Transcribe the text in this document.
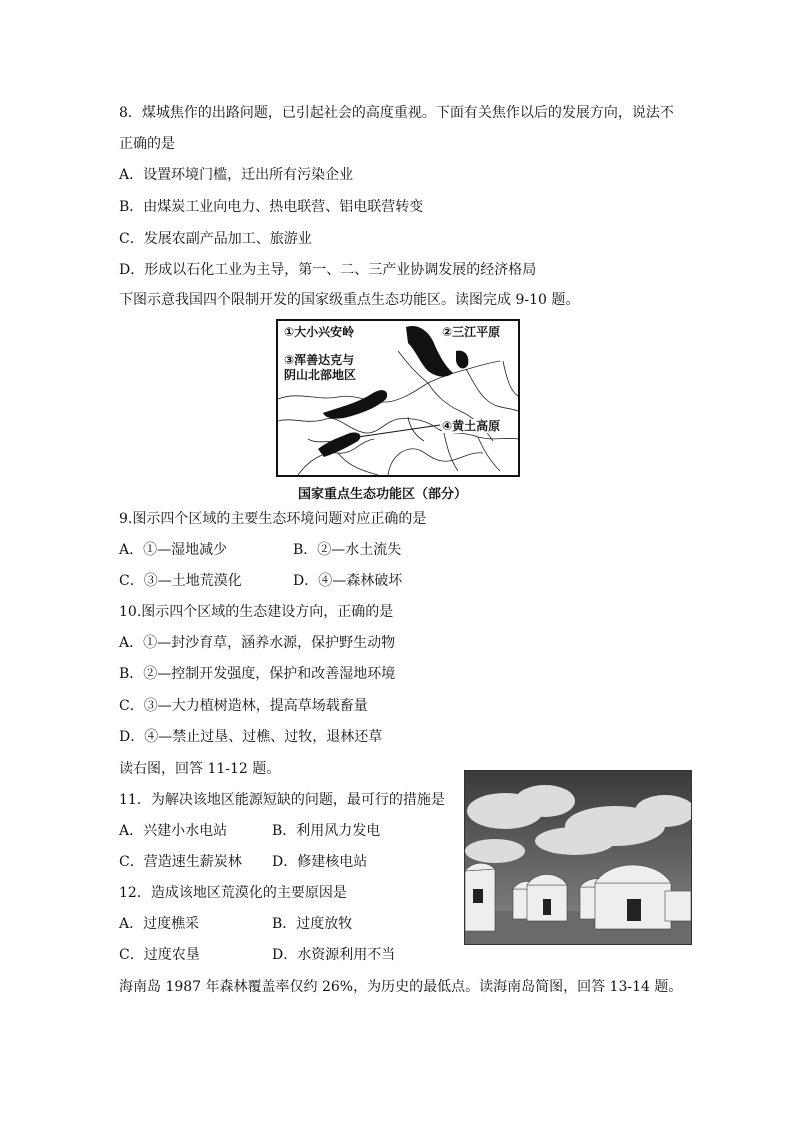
8．煤城焦作的出路问题，已引起社会的高度重视。下面有关焦作以后的发展方向，说法不
正确的是
A．设置环境门槛，迁出所有污染企业
B．由煤炭工业向电力、热电联营、铝电联营转变
C．发展农副产品加工、旅游业
D．形成以石化工业为主导，第一、二、三产业协调发展的经济格局
下图示意我国四个限制开发的国家级重点生态功能区。读图完成 9-10 题。
①大小兴安岭	②三江平原
③浑善达克与
阴山北部地区
④黄土高原
国家重点生态功能区（部分）
9.图示四个区域的主要生态环境问题对应正确的是
A．①—湿地减少	B．②—水土流失
C．③—土地荒漠化	D．④—森林破坏
10.图示四个区域的生态建设方向，正确的是
A．①—封沙育草，涵养水源，保护野生动物
B．②—控制开发强度，保护和改善湿地环境
C．③—大力植树造林，提高草场载畜量
D．④—禁止过垦、过樵、过牧，退林还草
读右图，回答 11-12 题。
11．为解决该地区能源短缺的问题，最可行的措施是
A．兴建小水电站	B．利用风力发电
C．营造速生薪炭林 D．修建核电站
12．造成该地区荒漠化的主要原因是
A．过度樵采	B．过度放牧
C．过度农垦	D．水资源利用不当
海南岛 1987 年森林覆盖率仅约 26%，为历史的最低点。读海南岛简图，回答 13-14 题。
